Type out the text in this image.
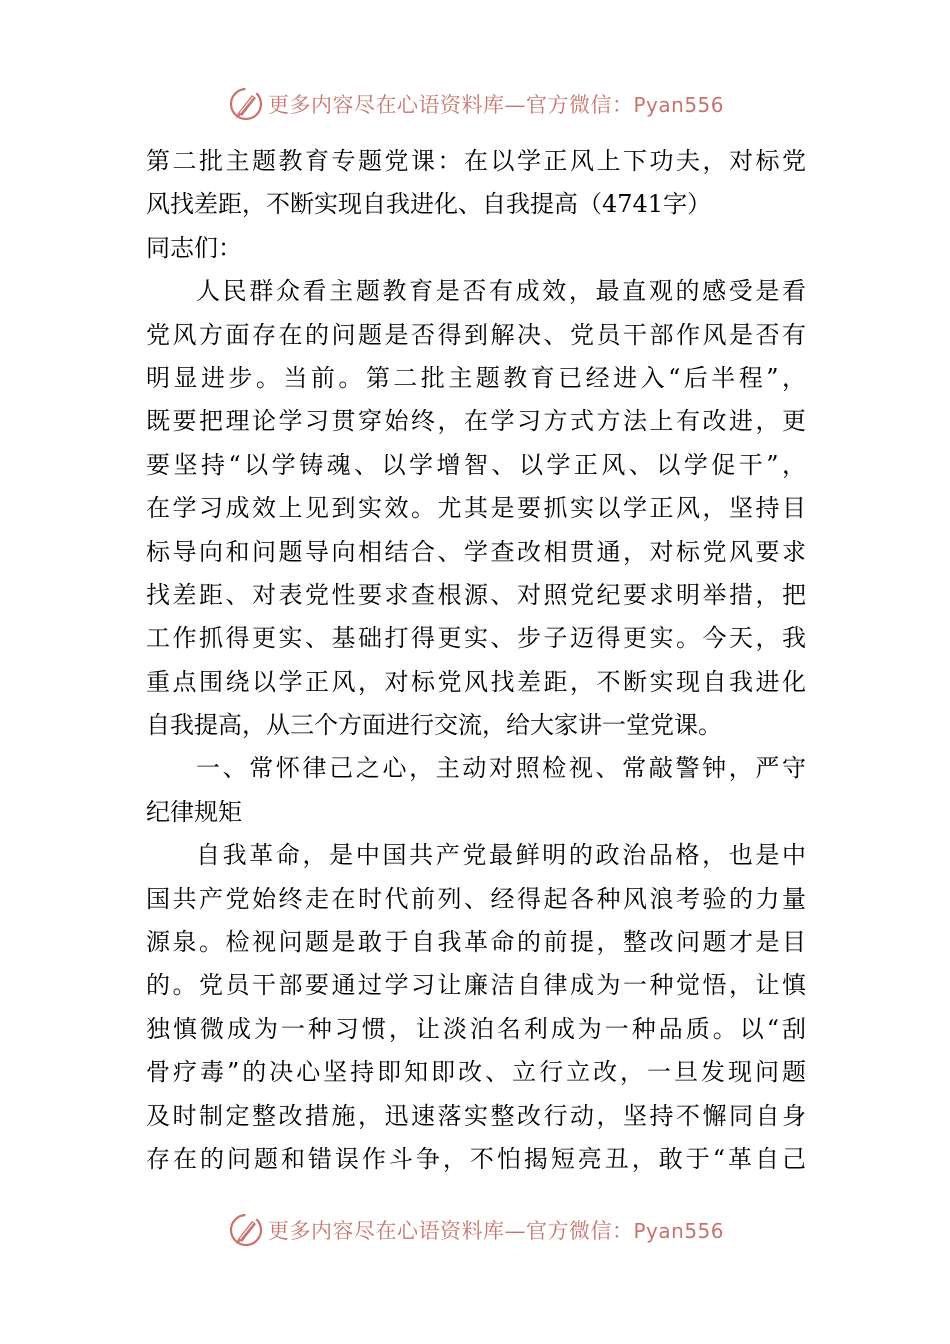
更多内容尽在心语资料库—官方微信：Pyan556
第二批主题教育专题党课：在以学正风上下功夫，对标党
风找差距，不断实现自我进化、自我提高（4741字）
同志们：
人民群众看主题教育是否有成效，最直观的感受是看
党风方面存在的问题是否得到解决、党员干部作风是否有
明显进步。当前。第二批主题教育已经进入“后半程”，
既要把理论学习贯穿始终，在学习方式方法上有改进，更
要坚持“以学铸魂、以学增智、以学正风、以学促干”，
在学习成效上见到实效。尤其是要抓实以学正风，坚持目
标导向和问题导向相结合、学查改相贯通，对标党风要求
找差距、对表党性要求查根源、对照党纪要求明举措，把
工作抓得更实、基础打得更实、步子迈得更实。今天，我
重点围绕以学正风，对标党风找差距，不断实现自我进化
自我提高，从三个方面进行交流，给大家讲一堂党课。
一、常怀律己之心，主动对照检视、常敲警钟，严守
纪律规矩
自我革命，是中国共产党最鲜明的政治品格，也是中
国共产党始终走在时代前列、经得起各种风浪考验的力量
源泉。检视问题是敢于自我革命的前提，整改问题才是目
的。党员干部要通过学习让廉洁自律成为一种觉悟，让慎
独慎微成为一种习惯，让淡泊名利成为一种品质。以“刮
骨疗毒”的决心坚持即知即改、立行立改，一旦发现问题
及时制定整改措施，迅速落实整改行动，坚持不懈同自身
存在的问题和错误作斗争，不怕揭短亮丑，敢于“革自己
更多内容尽在心语资料库—官方微信：Pyan556
